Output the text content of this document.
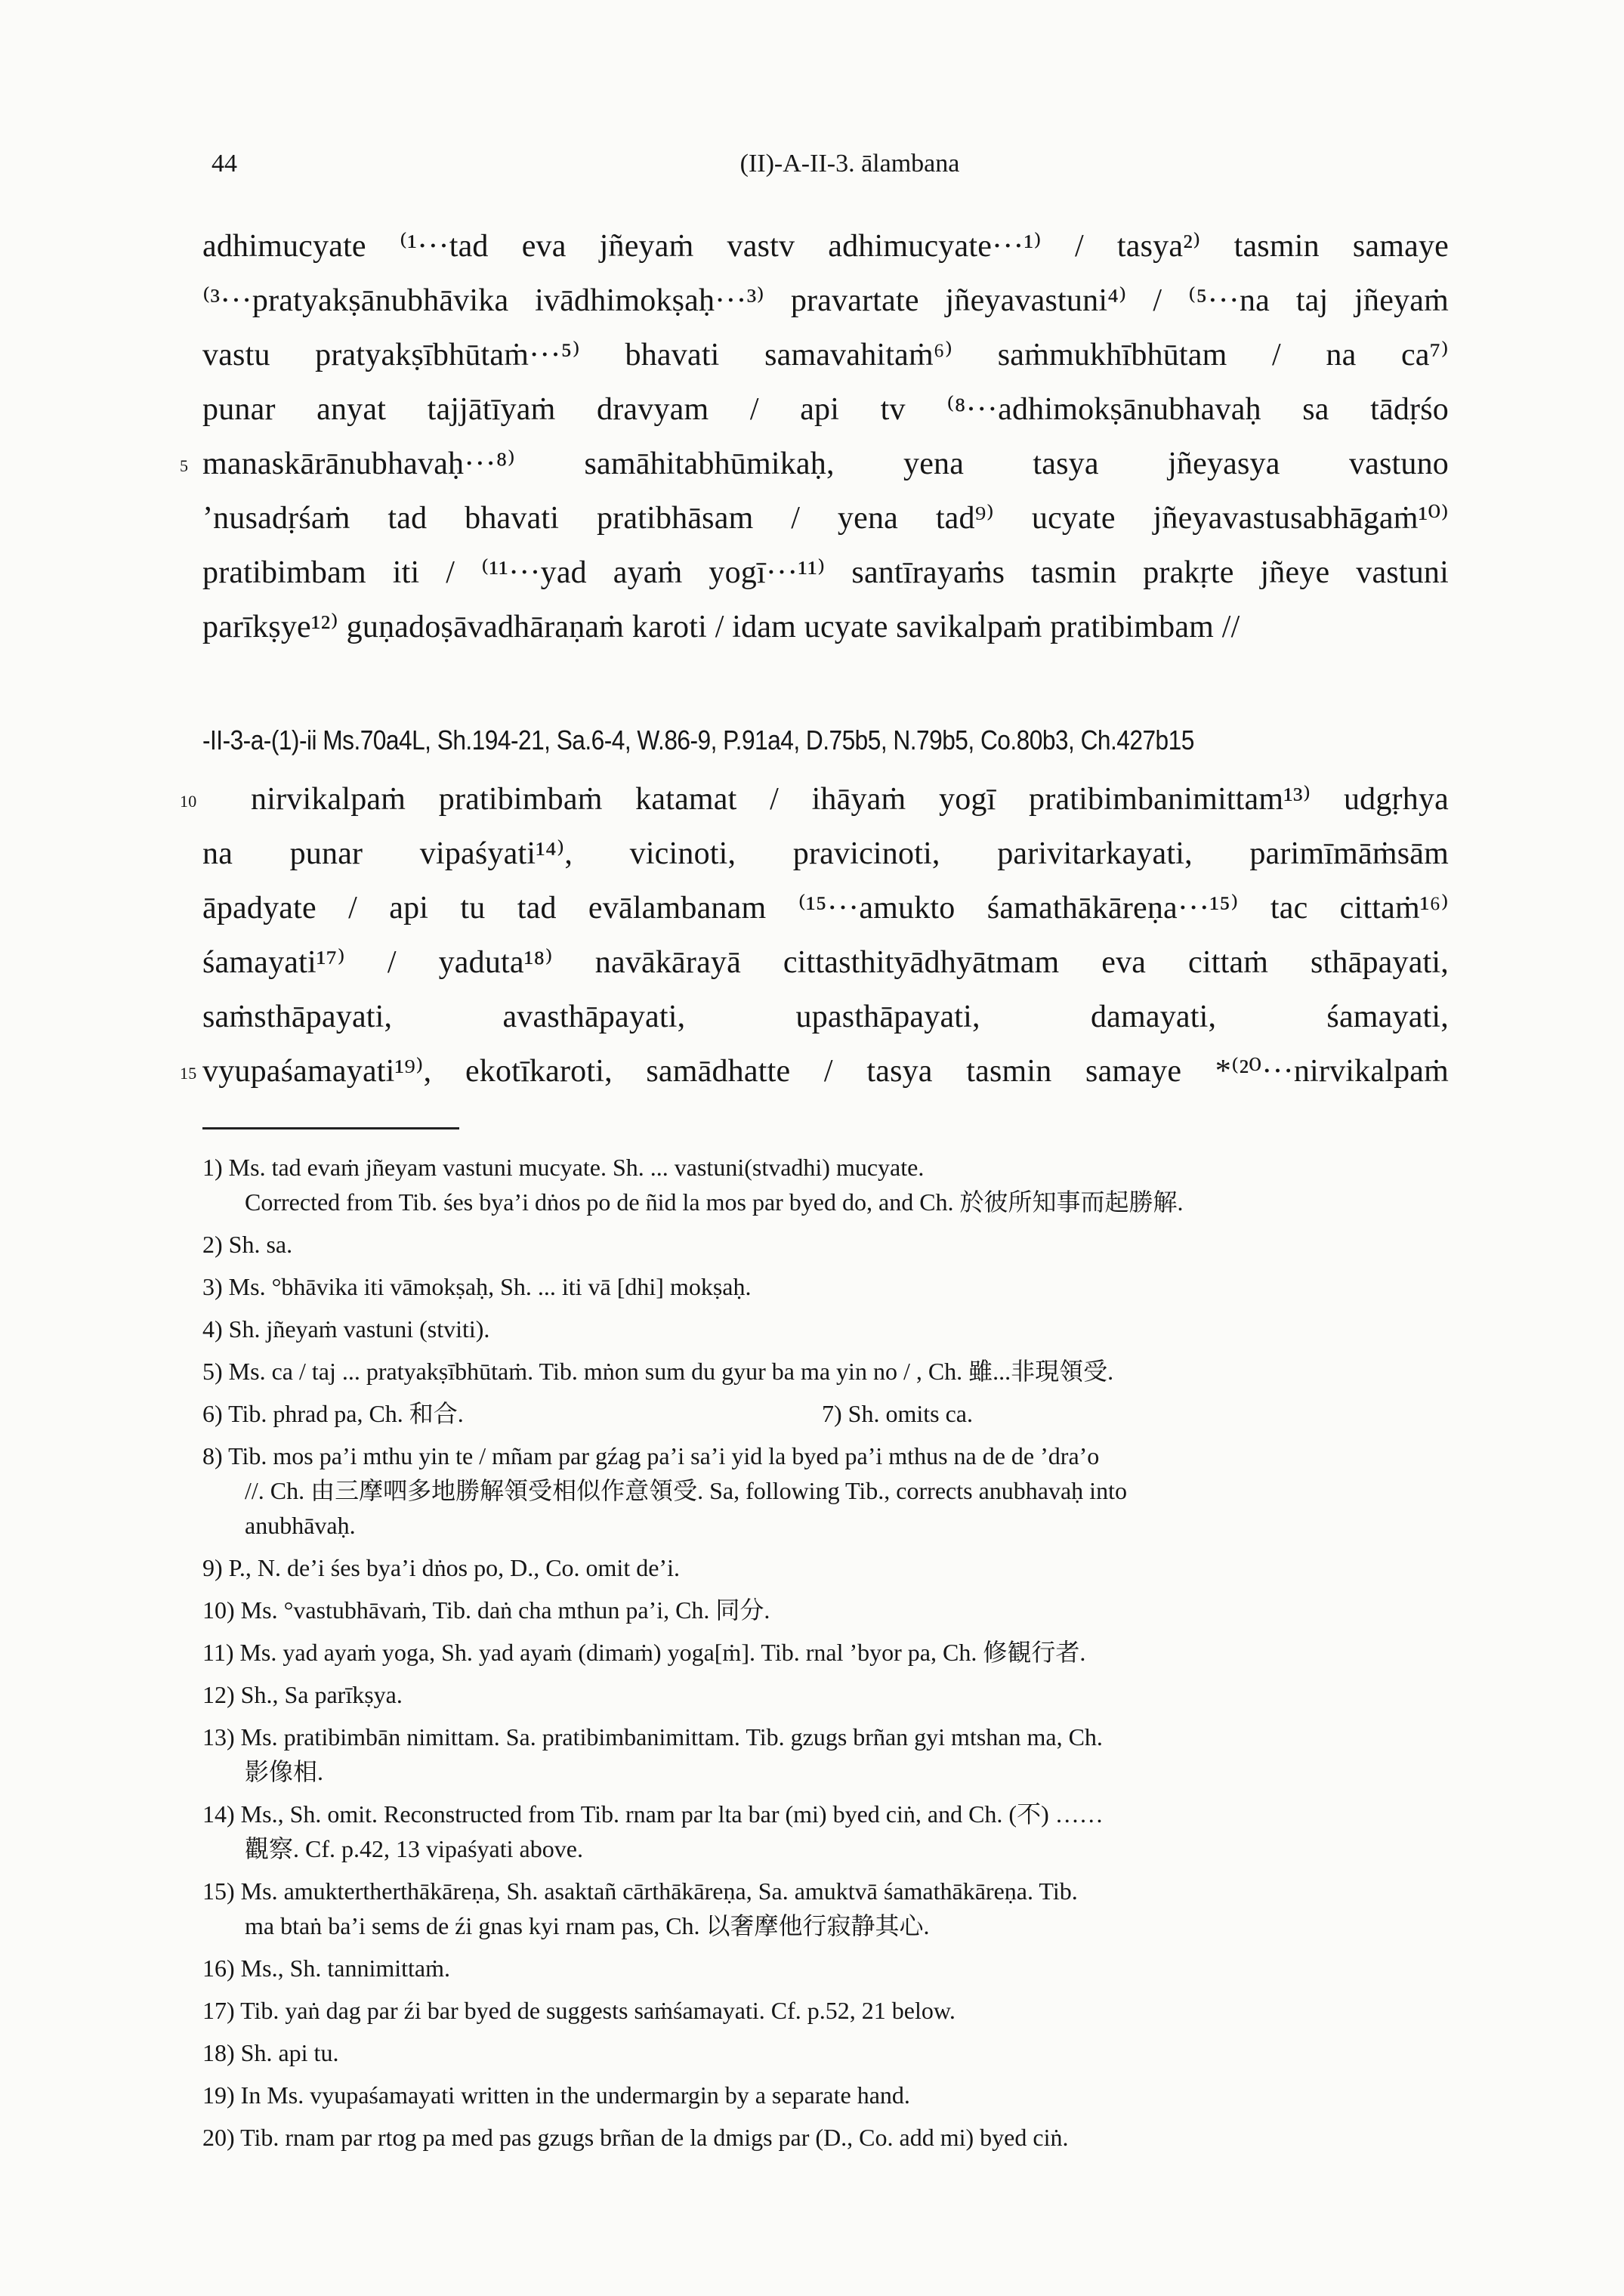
44	(II)-A-II-3. ālambana
adhimucyate ⁽¹···tad eva jñeyaṁ vastv adhimucyate···¹⁾ / tasya²⁾ tasmin samaye
⁽³···pratyakṣānubhāvika ivādhimokṣaḥ···³⁾ pravartate jñeyavastuni⁴⁾ / ⁽⁵···na taj jñeyaṁ
vastu pratyakṣībhūtaṁ···⁵⁾ bhavati samavahitaṁ⁶⁾ saṁmukhībhūtam / na ca⁷⁾
punar anyat tajjātīyaṁ dravyam / api tv ⁽⁸···adhimokṣānubhavaḥ sa tādṛśo
5 manaskārānubhavaḥ···⁸⁾ samāhitabhūmikaḥ, yena tasya jñeyasya vastuno
’nusadṛśaṁ tad bhavati pratibhāsam / yena tad⁹⁾ ucyate jñeyavastusabhāgaṁ¹⁰⁾
pratibimbam iti / ⁽¹¹···yad ayaṁ yogī···¹¹⁾ santīrayaṁs tasmin prakṛte jñeye vastuni
parīkṣye¹²⁾ guṇadoṣāvadhāraṇaṁ karoti / idam ucyate savikalpaṁ pratibimbam //
-II-3-a-(1)-ii Ms.70a4L, Sh.194-21, Sa.6-4, W.86-9, P.91a4, D.75b5, N.79b5, Co.80b3, Ch.427b15
10 nirvikalpaṁ pratibimbaṁ katamat / ihāyaṁ yogī pratibimbanimittam¹³⁾ udgṛhya
na punar vipaśyati¹⁴⁾, vicinoti, pravicinoti, parivitarkayati, parimīmāṁsām
āpadyate / api tu tad evālambanam ⁽¹⁵···amukto śamathākāreṇa···¹⁵⁾ tac cittaṁ¹⁶⁾
śamayati¹⁷⁾ / yaduta¹⁸⁾ navākārayā cittasthityādhyātmam eva cittaṁ sthāpayati,
saṁsthāpayati, avasthāpayati, upasthāpayati, damayati, śamayati,
15 vyupaśamayati¹⁹⁾, ekotīkaroti, samādhatte / tasya tasmin samaye *⁽²⁰···nirvikalpaṁ
1) Ms. tad evaṁ jñeyam vastuni mucyate. Sh. ... vastuni(stvadhi) mucyate.
Corrected from Tib. śes bya’i dṅos po de ñid la mos par byed do, and Ch. 於彼所知事而起勝解.
2) Sh. sa.
3) Ms. °bhāvika iti vāmokṣaḥ, Sh. ... iti vā [dhi] mokṣaḥ.
4) Sh. jñeyaṁ vastuni (stviti).
5) Ms. ca / taj ... pratyakṣībhūtaṁ. Tib. mṅon sum du gyur ba ma yin no / , Ch. 雖...非現領受.
6) Tib. phrad pa, Ch. 和合.	7) Sh. omits ca.
8) Tib. mos pa’i mthu yin te / mñam par gźag pa’i sa’i yid la byed pa’i mthus na de de ’dra’o
//. Ch. 由三摩呬多地勝解領受相似作意領受. Sa, following Tib., corrects anubhavaḥ into
anubhāvaḥ.
9) P., N. de’i śes bya’i dṅos po, D., Co. omit de’i.
10) Ms. °vastubhāvaṁ, Tib. daṅ cha mthun pa’i, Ch. 同分.
11) Ms. yad ayaṁ yoga, Sh. yad ayaṁ (dimaṁ) yoga[ṁ]. Tib. rnal ’byor pa, Ch. 修観行者.
12) Sh., Sa parīkṣya.
13) Ms. pratibimbān nimittam. Sa. pratibimbanimittam. Tib. gzugs brñan gyi mtshan ma, Ch.
影像相.
14) Ms., Sh. omit. Reconstructed from Tib. rnam par lta bar (mi) byed ciṅ, and Ch. (不) ……
觀察. Cf. p.42, 13 vipaśyati above.
15) Ms. amuktertherthākāreṇa, Sh. asaktañ cārthākāreṇa, Sa. amuktvā śamathākāreṇa. Tib.
ma btaṅ ba’i sems de źi gnas kyi rnam pas, Ch. 以奢摩他行寂静其心.
16) Ms., Sh. tannimittaṁ.
17) Tib. yaṅ dag par źi bar byed de suggests saṁśamayati. Cf. p.52, 21 below.
18) Sh. api tu.
19) In Ms. vyupaśamayati written in the undermargin by a separate hand.
20) Tib. rnam par rtog pa med pas gzugs brñan de la dmigs par (D., Co. add mi) byed ciṅ.
